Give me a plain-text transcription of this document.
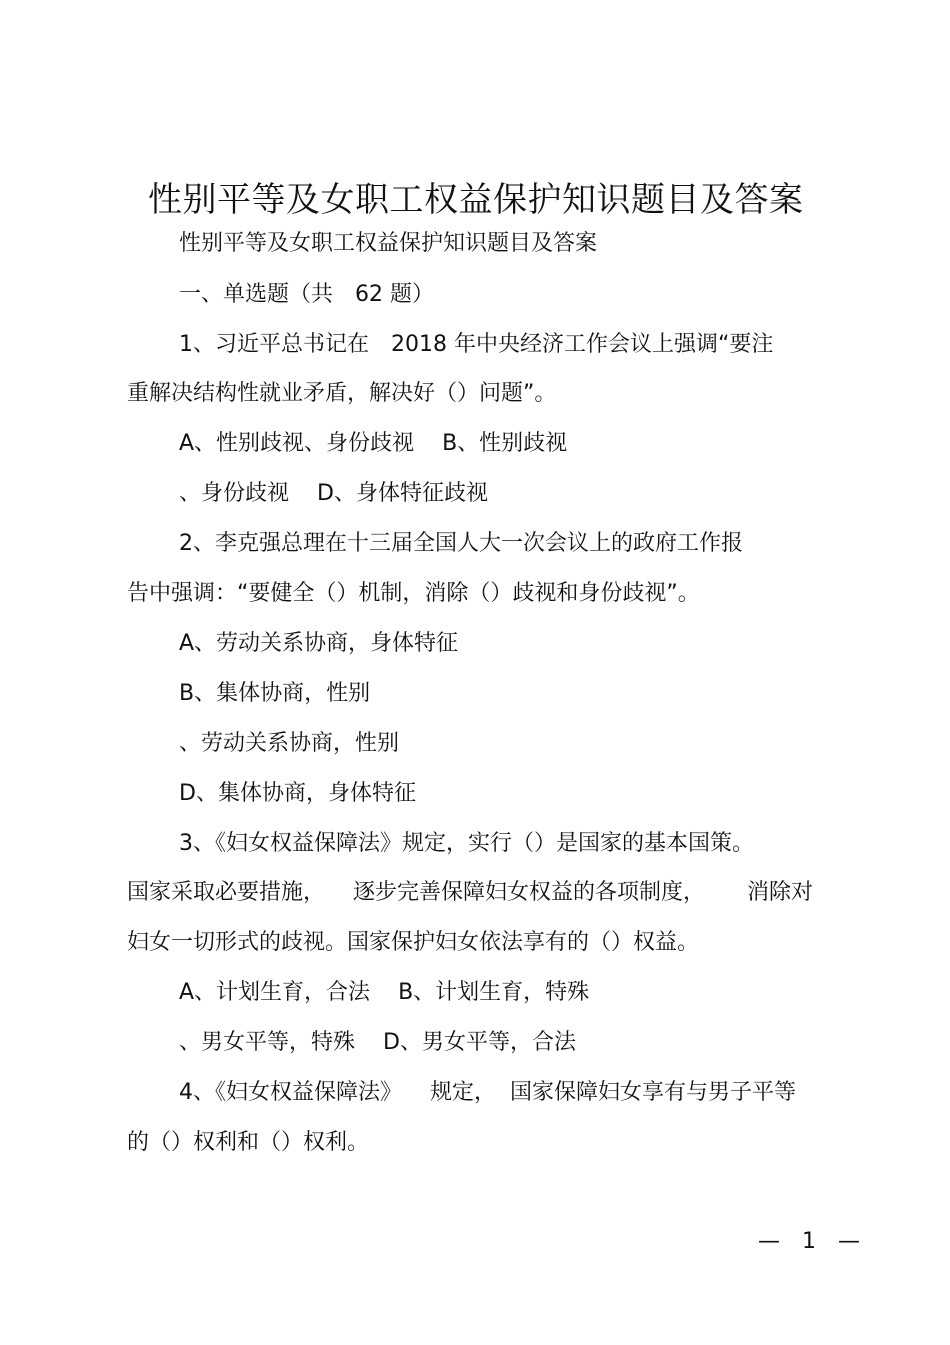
性别平等及女职工权益保护知识题目及答案
性别平等及女职工权益保护知识题目及答案
一、单选题（共　62 题）
1、习近平总书记在　2018 年中央经济工作会议上强调“要注
重解决结构性就业矛盾，解决好（）问题”。
A、性别歧视、身份歧视 B、性别歧视
、身份歧视 D、身体特征歧视
2、李克强总理在十三届全国人大一次会议上的政府工作报
告中强调：“要健全（）机制，消除（）歧视和身份歧视”。
A、劳动关系协商，身体特征
B、集体协商，性别
、劳动关系协商，性别
D、集体协商，身体特征
3、《妇女权益保障法》规定，实行（）是国家的基本国策。
国家采取必要措施， 逐步完善保障妇女权益的各项制度， 消除对
妇女一切形式的歧视。国家保护妇女依法享有的（）权益。
A、计划生育，合法 B、计划生育，特殊
、男女平等，特殊 D、男女平等，合法
4、《妇女权益保障法》 规定， 国家保障妇女享有与男子平等
的（）权利和（）权利。
—　1　—
